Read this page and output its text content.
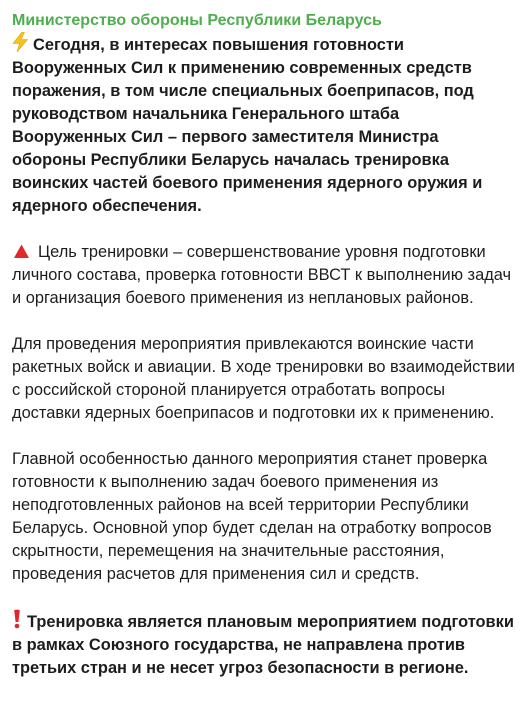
Министерство обороны Республики Беларусь

Сегодня, в интересах повышения готовности Вооруженных Сил к применению современных средств поражения, в том числе специальных боеприпасов, под руководством начальника Генерального штаба Вооруженных Сил – первого заместителя Министра обороны Республики Беларусь началась тренировка воинских частей боевого применения ядерного оружия и ядерного обеспечения.

Цель тренировки – совершенствование уровня подготовки личного состава, проверка готовности ВВСТ к выполнению задач и организация боевого применения из неплановых районов.

Для проведения мероприятия привлекаются воинские части ракетных войск и авиации. В ходе тренировки во взаимодействии с российской стороной планируется отработать вопросы доставки ядерных боеприпасов и подготовки их к применению.

Главной особенностью данного мероприятия станет проверка готовности к выполнению задач боевого применения из неподготовленных районов на всей территории Республики Беларусь. Основной упор будет сделан на отработку вопросов скрытности, перемещения на значительные расстояния, проведения расчетов для применения сил и средств.

Тренировка является плановым мероприятием подготовки в рамках Союзного государства, не направлена против третьих стран и не несет угроз безопасности в регионе.
